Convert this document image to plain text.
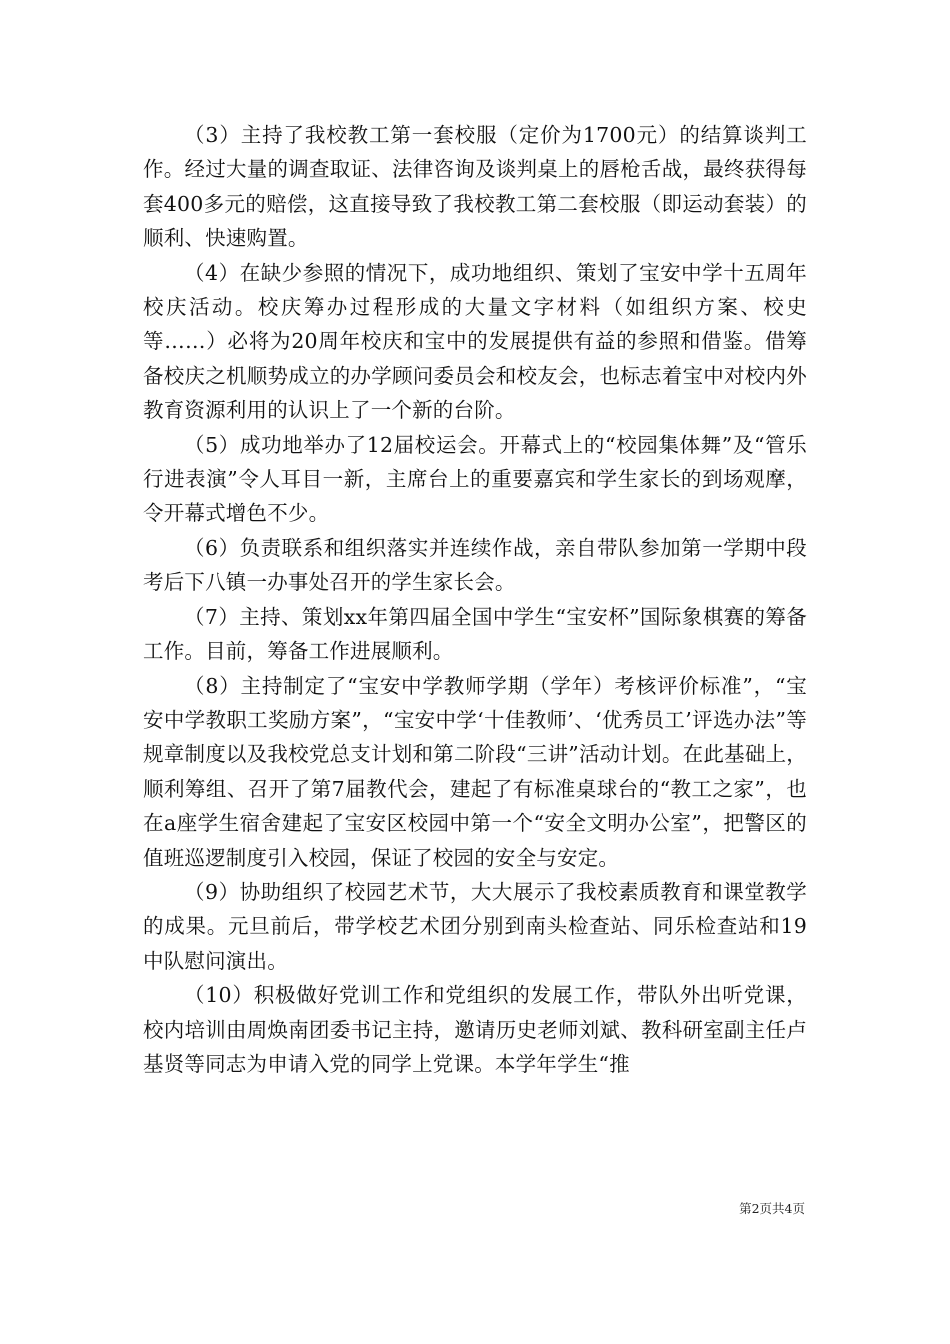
（3）主持了我校教工第一套校服（定价为1700元）的结算谈判工作。经过大量的调查取证、法律咨询及谈判桌上的唇枪舌战，最终获得每套400多元的赔偿，这直接导致了我校教工第二套校服（即运动套装）的顺利、快速购置。

（4）在缺少参照的情况下，成功地组织、策划了宝安中学十五周年校庆活动。校庆筹办过程形成的大量文字材料（如组织方案、校史等……）必将为20周年校庆和宝中的发展提供有益的参照和借鉴。借筹备校庆之机顺势成立的办学顾问委员会和校友会，也标志着宝中对校内外教育资源利用的认识上了一个新的台阶。

（5）成功地举办了12届校运会。开幕式上的“校园集体舞”及“管乐行进表演”令人耳目一新，主席台上的重要嘉宾和学生家长的到场观摩，令开幕式增色不少。

（6）负责联系和组织落实并连续作战，亲自带队参加第一学期中段考后下八镇一办事处召开的学生家长会。

（7）主持、策划xx年第四届全国中学生“宝安杯”国际象棋赛的筹备工作。目前，筹备工作进展顺利。

（8）主持制定了“宝安中学教师学期（学年）考核评价标准”，“宝安中学教职工奖励方案”，“宝安中学‘十佳教师’、‘优秀员工’评选办法”等规章制度以及我校党总支计划和第二阶段“三讲”活动计划。在此基础上，顺利筹组、召开了第7届教代会，建起了有标准桌球台的“教工之家”，也在a座学生宿舍建起了宝安区校园中第一个“安全文明办公室”，把警区的值班巡逻制度引入校园，保证了校园的安全与安定。

（9）协助组织了校园艺术节，大大展示了我校素质教育和课堂教学的成果。元旦前后，带学校艺术团分别到南头检查站、同乐检查站和19中队慰问演出。

（10）积极做好党训工作和党组织的发展工作，带队外出听党课，校内培训由周焕南团委书记主持，邀请历史老师刘斌、教科研室副主任卢基贤等同志为申请入党的同学上党课。本学年学生“推

第2页共4页
